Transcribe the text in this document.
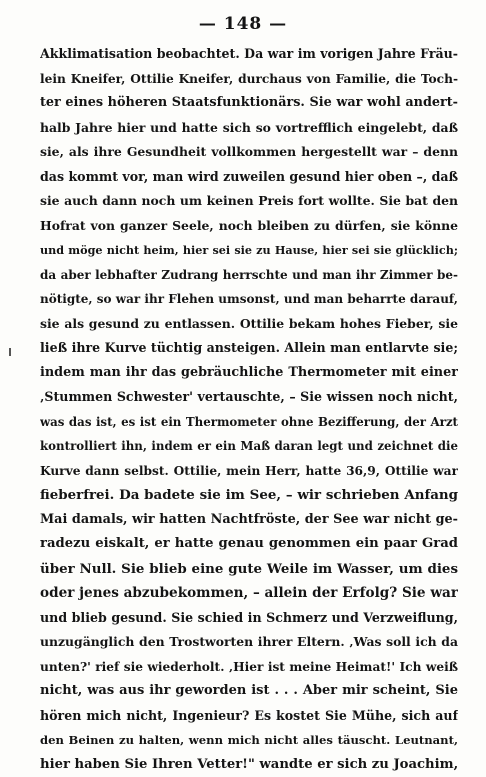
— 148 —
Akklimatisation beobachtet. Da war im vorigen Jahre Fräu-
lein Kneifer, Ottilie Kneifer, durchaus von Familie, die Toch-
ter eines höheren Staatsfunktionärs. Sie war wohl andert-
halb Jahre hier und hatte sich so vortrefflich eingelebt, daß
sie, als ihre Gesundheit vollkommen hergestellt war – denn
das kommt vor, man wird zuweilen gesund hier oben –, daß
sie auch dann noch um keinen Preis fort wollte. Sie bat den
Hofrat von ganzer Seele, noch bleiben zu dürfen, sie könne
und möge nicht heim, hier sei sie zu Hause, hier sei sie glücklich;
da aber lebhafter Zudrang herrschte und man ihr Zimmer be-
nötigte, so war ihr Flehen umsonst, und man beharrte darauf,
sie als gesund zu entlassen. Ottilie bekam hohes Fieber, sie
ließ ihre Kurve tüchtig ansteigen. Allein man entlarvte sie;
indem man ihr das gebräuchliche Thermometer mit einer
‚Stummen Schwester' vertauschte, – Sie wissen noch nicht,
was das ist, es ist ein Thermometer ohne Bezifferung, der Arzt
kontrolliert ihn, indem er ein Maß daran legt und zeichnet die
Kurve dann selbst. Ottilie, mein Herr, hatte 36,9, Ottilie war
fieberfrei. Da badete sie im See, – wir schrieben Anfang
Mai damals, wir hatten Nachtfröste, der See war nicht ge-
radezu eiskalt, er hatte genau genommen ein paar Grad
über Null. Sie blieb eine gute Weile im Wasser, um dies
oder jenes abzubekommen, – allein der Erfolg? Sie war
und blieb gesund. Sie schied in Schmerz und Verzweiflung,
unzugänglich den Trostworten ihrer Eltern. ‚Was soll ich da
unten?' rief sie wiederholt. ‚Hier ist meine Heimat!' Ich weiß
nicht, was aus ihr geworden ist . . . Aber mir scheint, Sie
hören mich nicht, Ingenieur? Es kostet Sie Mühe, sich auf
den Beinen zu halten, wenn mich nicht alles täuscht. Leutnant,
hier haben Sie Ihren Vetter!" wandte er sich zu Joachim,
